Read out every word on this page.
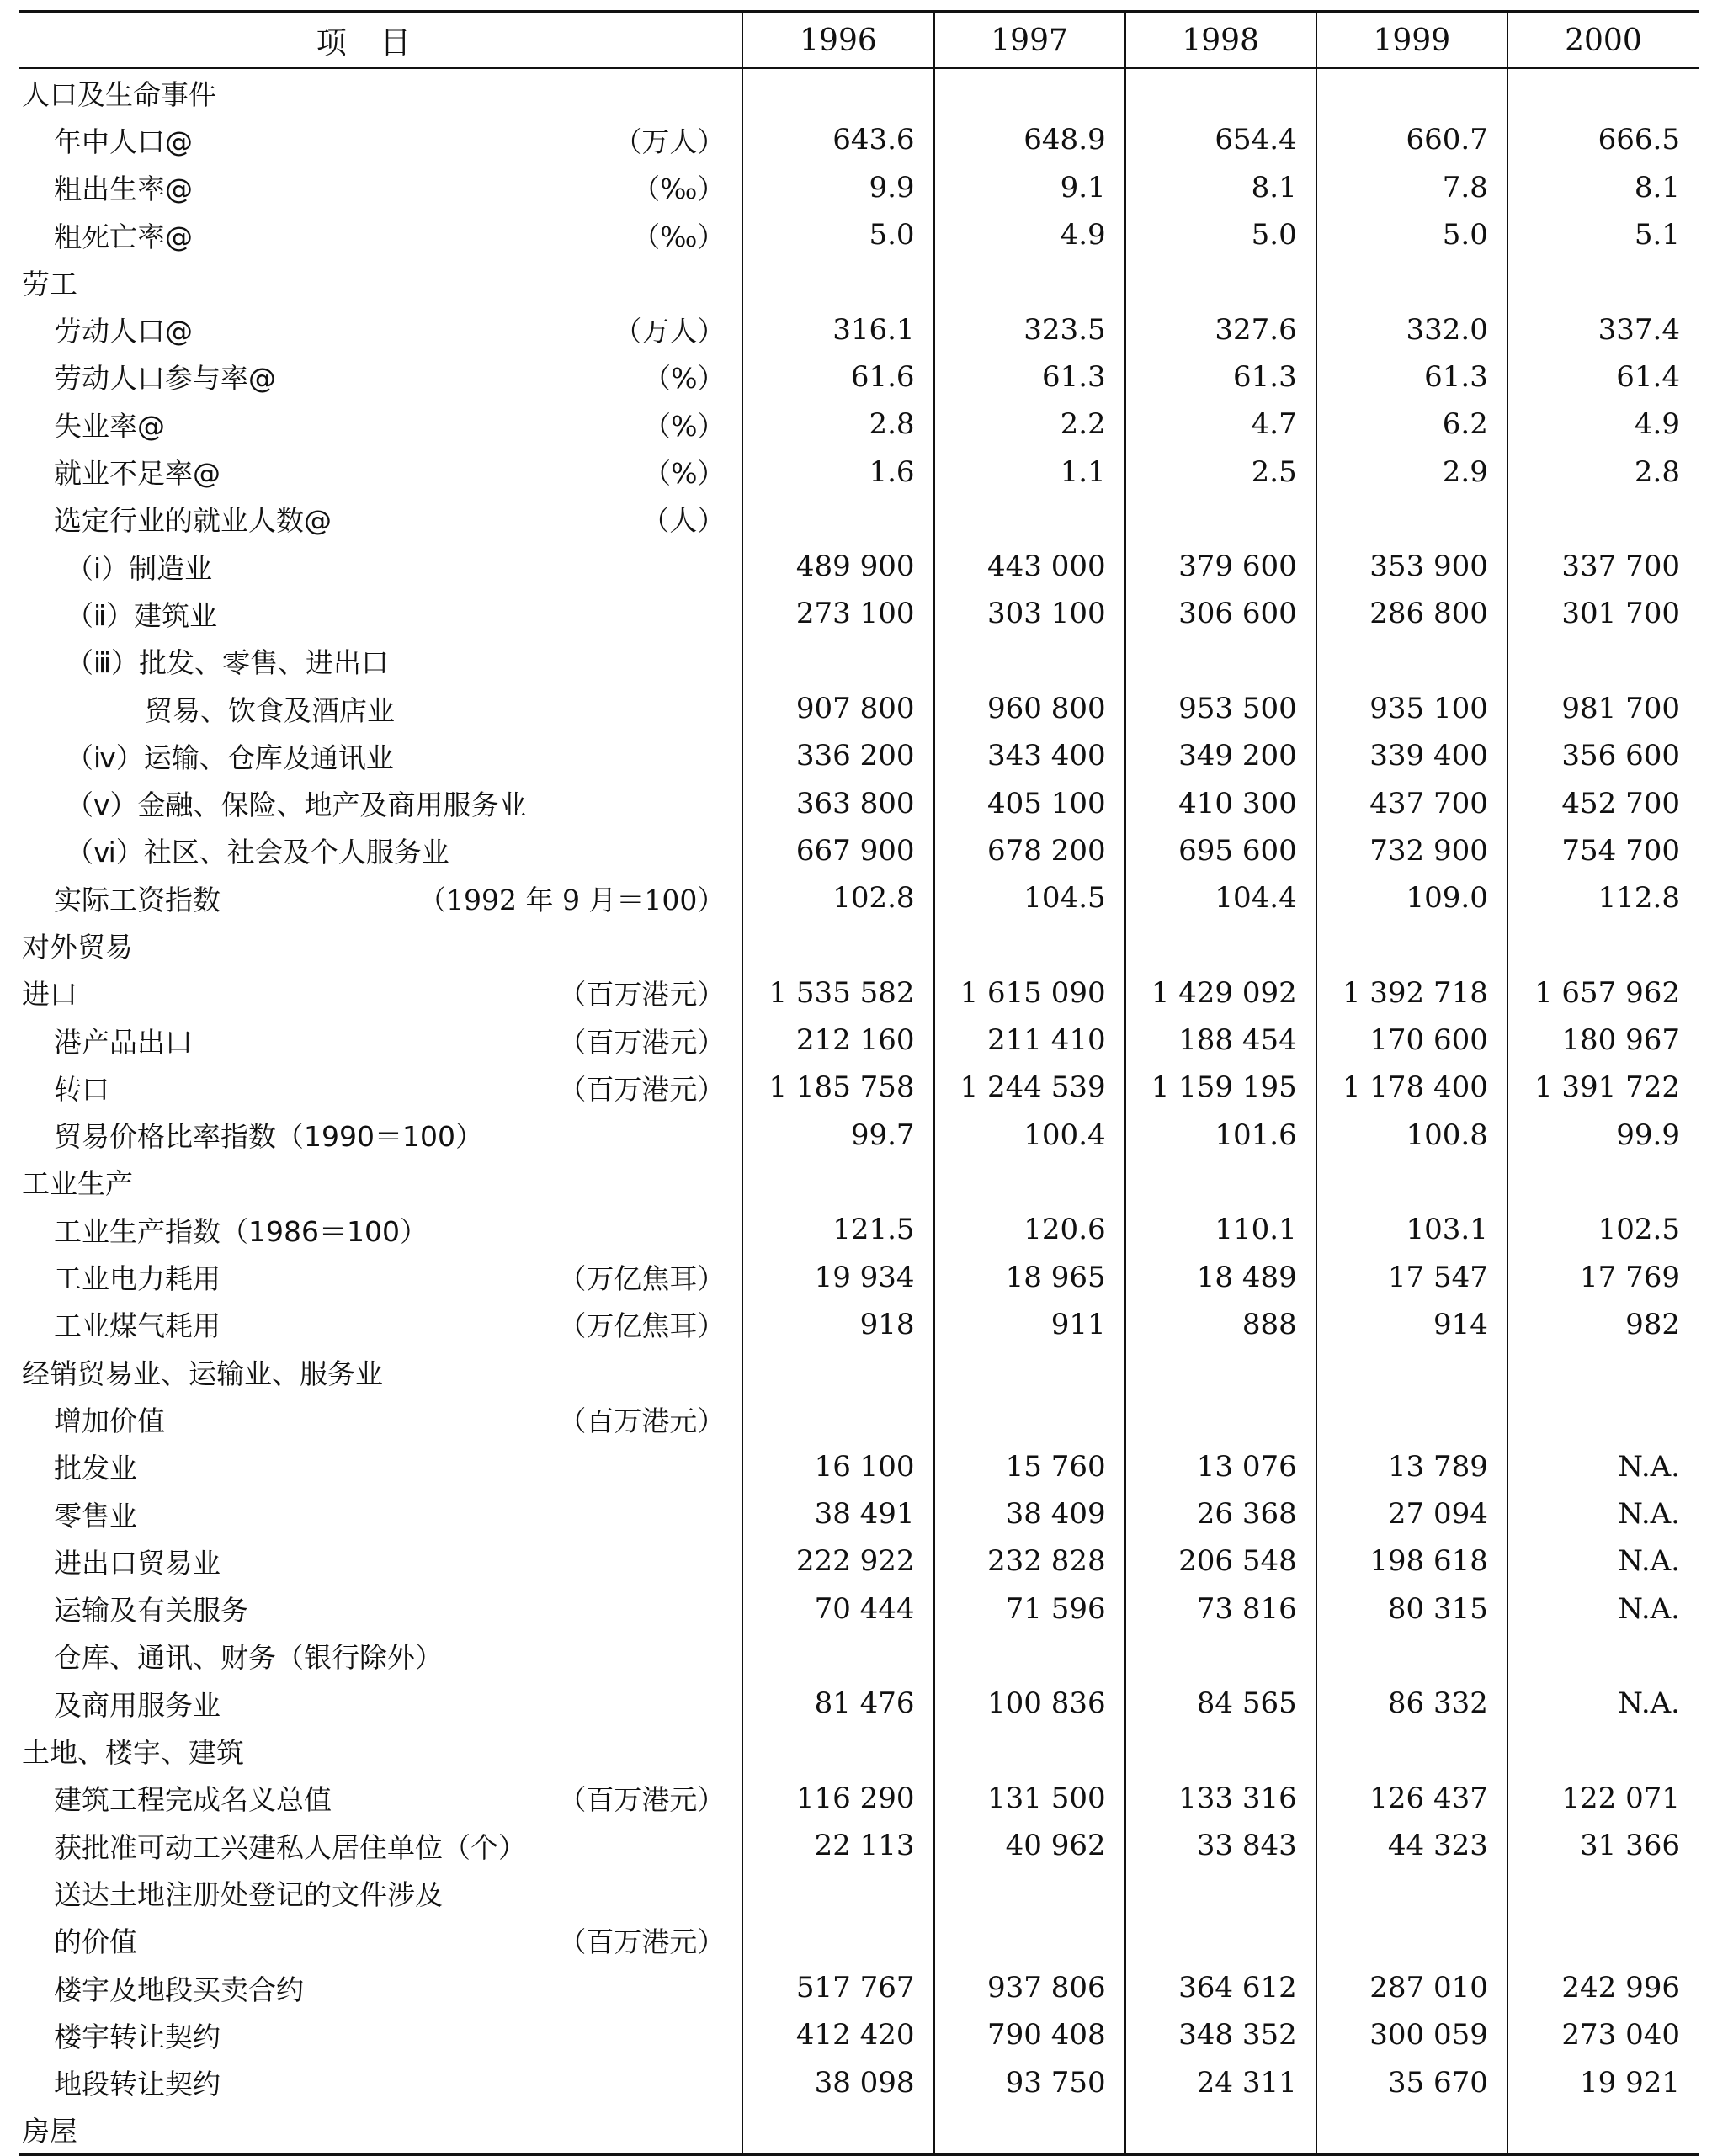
项目	1996	1997	1998	1999	2000

人口及生命事件					

年中人口@ （万人）	643.6	648.9	654.4	660.7	666.5

粗出生率@ （‰）	9.9	9.1	8.1	7.8	8.1

粗死亡率@ （‰）	5.0	4.9	5.0	5.0	5.1

劳工					

劳动人口@ （万人）	316.1	323.5	327.6	332.0	337.4

劳动人口参与率@ （%）	61.6	61.3	61.3	61.3	61.4

失业率@ （%）	2.8	2.2	4.7	6.2	4.9

就业不足率@ （%）	1.6	1.1	2.5	2.9	2.8

选定行业的就业人数@ （人）					

（ⅰ）制造业	489 900	443 000	379 600	353 900	337 700

（ⅱ）建筑业	273 100	303 100	306 600	286 800	301 700

（ⅲ）批发、零售、进出口					

贸易、饮食及酒店业	907 800	960 800	953 500	935 100	981 700

（ⅳ）运输、仓库及通讯业	336 200	343 400	349 200	339 400	356 600

（ⅴ）金融、保险、地产及商用服务业	363 800	405 100	410 300	437 700	452 700

（ⅵ）社区、社会及个人服务业	667 900	678 200	695 600	732 900	754 700

实际工资指数 （1992 年 9 月＝100）	102.8	104.5	104.4	109.0	112.8

对外贸易					

进口 （百万港元）	1 535 582	1 615 090	1 429 092	1 392 718	1 657 962

港产品出口 （百万港元）	212 160	211 410	188 454	170 600	180 967

转口 （百万港元）	1 185 758	1 244 539	1 159 195	1 178 400	1 391 722

贸易价格比率指数（1990＝100）	99.7	100.4	101.6	100.8	99.9

工业生产					

工业生产指数（1986＝100）	121.5	120.6	110.1	103.1	102.5

工业电力耗用 （万亿焦耳）	19 934	18 965	18 489	17 547	17 769

工业煤气耗用 （万亿焦耳）	918	911	888	914	982

经销贸易业、运输业、服务业					

增加价值 （百万港元）					

批发业	16 100	15 760	13 076	13 789	N.A.

零售业	38 491	38 409	26 368	27 094	N.A.

进出口贸易业	222 922	232 828	206 548	198 618	N.A.

运输及有关服务	70 444	71 596	73 816	80 315	N.A.

仓库、通讯、财务（银行除外）					

及商用服务业	81 476	100 836	84 565	86 332	N.A.

土地、楼宇、建筑					

建筑工程完成名义总值 （百万港元）	116 290	131 500	133 316	126 437	122 071

获批准可动工兴建私人居住单位（个）	22 113	40 962	33 843	44 323	31 366

送达土地注册处登记的文件涉及					

的价值 （百万港元）					

楼宇及地段买卖合约	517 767	937 806	364 612	287 010	242 996

楼宇转让契约	412 420	790 408	348 352	300 059	273 040

地段转让契约	38 098	93 750	24 311	35 670	19 921

房屋					
